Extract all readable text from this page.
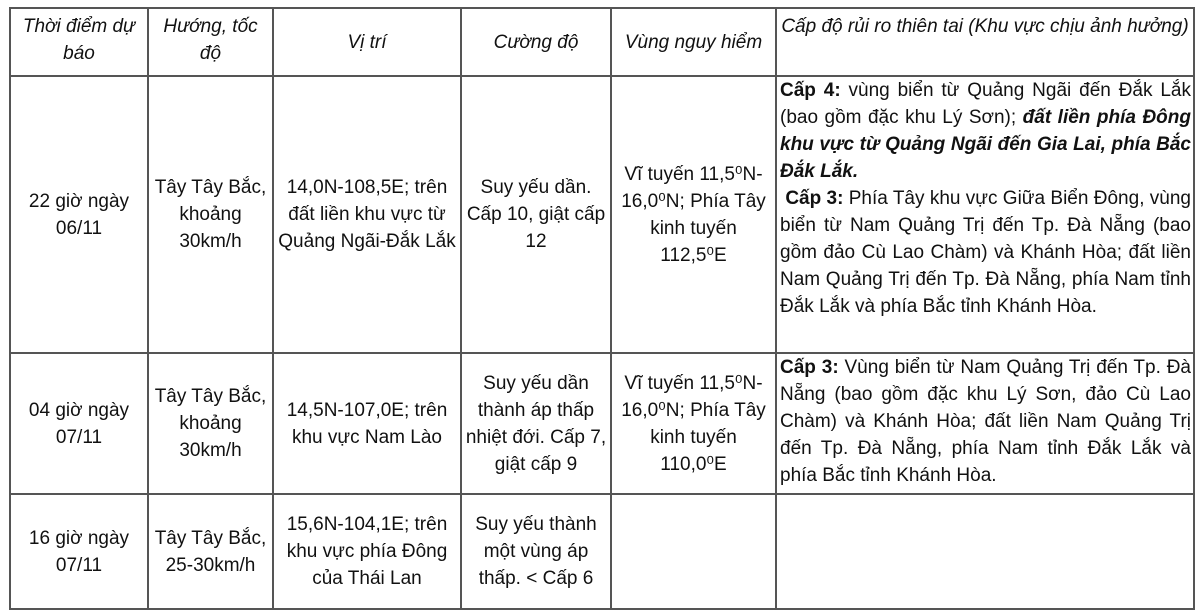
Thời điểm dự báo	Hướng, tốc độ	Vị trí	Cường độ	Vùng nguy hiểm	Cấp độ rủi ro thiên tai (Khu vực chịu ảnh hưởng)
22 giờ ngày 06/11	Tây Tây Bắc, khoảng 30km/h	14,0N-108,5E; trên đất liền khu vực từ Quảng Ngãi-Đắk Lắk	Suy yếu dần. Cấp 10, giật cấp 12	Vĩ tuyến 11,5⁰N-16,0⁰N; Phía Tây kinh tuyến 112,5⁰E	Cấp 4: vùng biển từ Quảng Ngãi đến Đắk Lắk (bao gồm đặc khu Lý Sơn); đất liền phía Đông khu vực từ Quảng Ngãi đến Gia Lai, phía Bắc Đắk Lắk.
Cấp 3: Phía Tây khu vực Giữa Biển Đông, vùng biển từ Nam Quảng Trị đến Tp. Đà Nẵng (bao gồm đảo Cù Lao Chàm) và Khánh Hòa; đất liền Nam Quảng Trị đến Tp. Đà Nẵng, phía Nam tỉnh Đắk Lắk và phía Bắc tỉnh Khánh Hòa.
04 giờ ngày 07/11	Tây Tây Bắc, khoảng 30km/h	14,5N-107,0E; trên khu vực Nam Lào	Suy yếu dần thành áp thấp nhiệt đới. Cấp 7, giật cấp 9	Vĩ tuyến 11,5⁰N-16,0⁰N; Phía Tây kinh tuyến 110,0⁰E	Cấp 3: Vùng biển từ Nam Quảng Trị đến Tp. Đà Nẵng (bao gồm đặc khu Lý Sơn, đảo Cù Lao Chàm) và Khánh Hòa; đất liền Nam Quảng Trị đến Tp. Đà Nẵng, phía Nam tỉnh Đắk Lắk và phía Bắc tỉnh Khánh Hòa.
16 giờ ngày 07/11	Tây Tây Bắc, 25-30km/h	15,6N-104,1E; trên khu vực phía Đông của Thái Lan	Suy yếu thành một vùng áp thấp. < Cấp 6		
